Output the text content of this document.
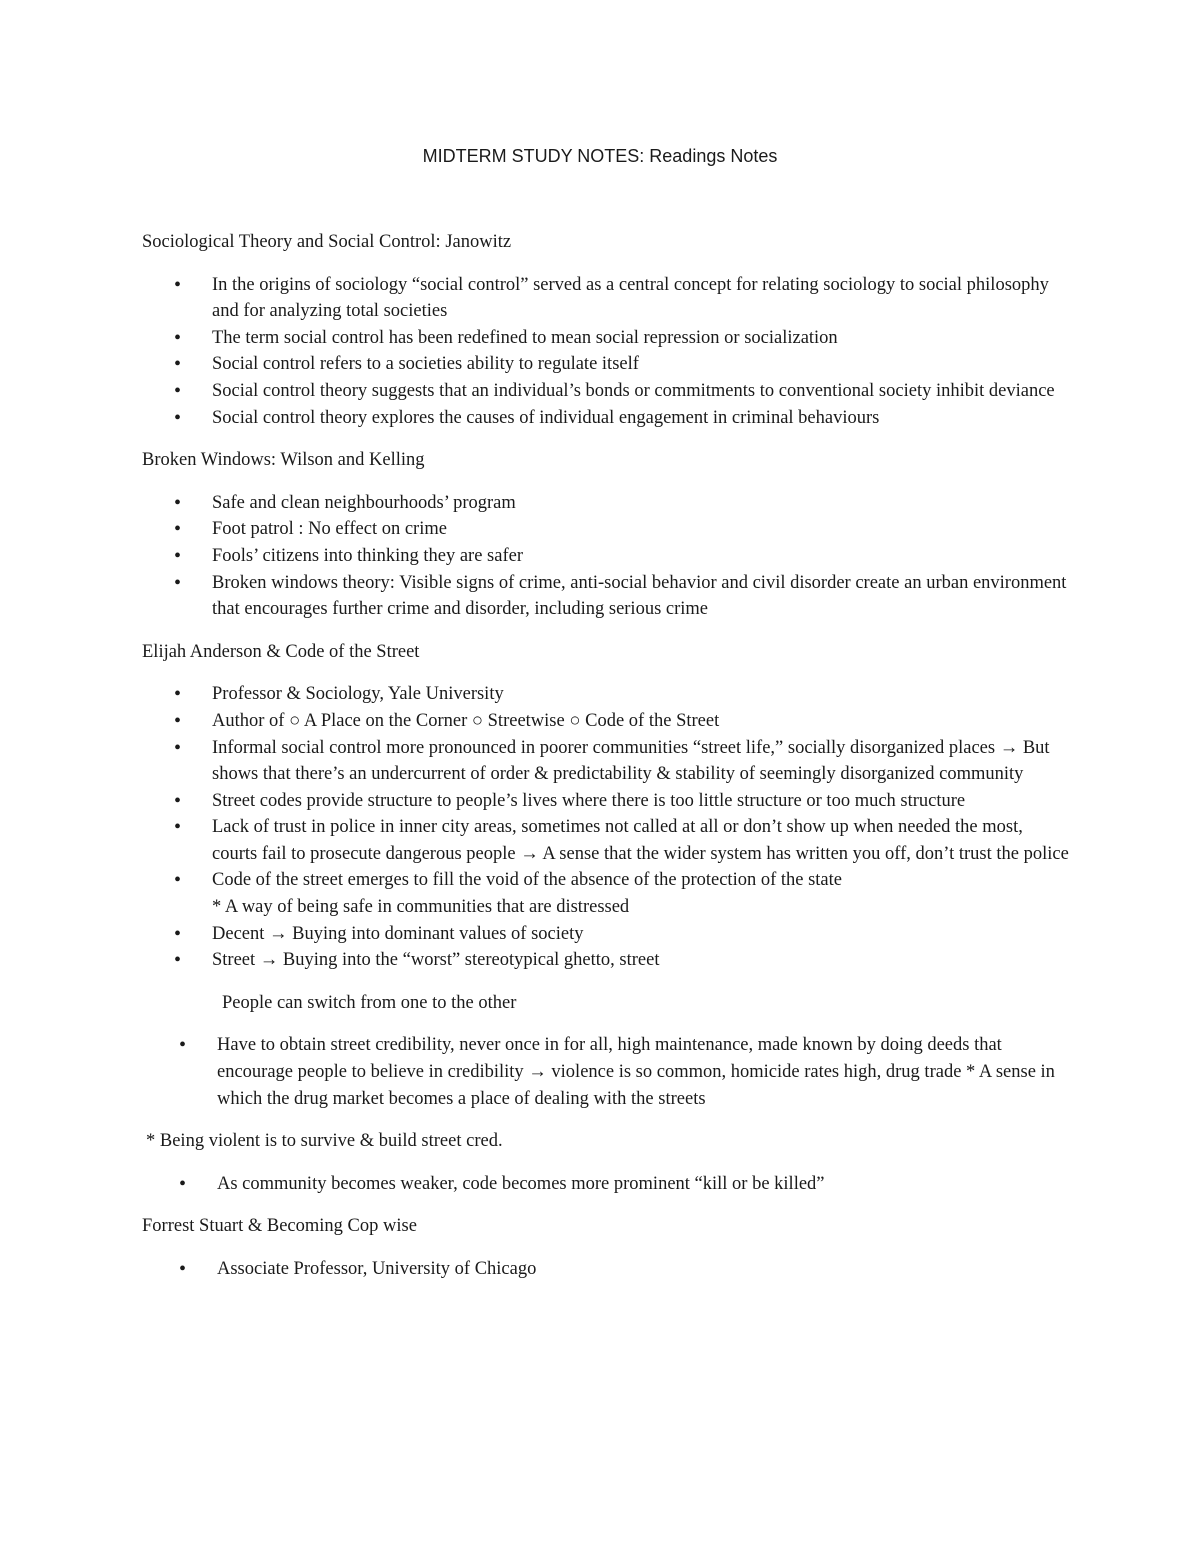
MIDTERM STUDY NOTES: Readings Notes
Sociological Theory and Social Control: Janowitz
• In the origins of sociology “social control” served as a central concept for relating sociology to social philosophy and for analyzing total societies
• The term social control has been redefined to mean social repression or socialization
• Social control refers to a societies ability to regulate itself
• Social control theory suggests that an individual’s bonds or commitments to conventional society inhibit deviance
• Social control theory explores the causes of individual engagement in criminal behaviours
Broken Windows: Wilson and Kelling
• Safe and clean neighbourhoods’ program
• Foot patrol : No effect on crime
• Fools’ citizens into thinking they are safer
• Broken windows theory: Visible signs of crime, anti-social behavior and civil disorder create an urban environment that encourages further crime and disorder, including serious crime
Elijah Anderson & Code of the Street
• Professor & Sociology, Yale University
• Author of ○ A Place on the Corner ○ Streetwise ○ Code of the Street
• Informal social control more pronounced in poorer communities “street life,” socially disorganized places → But shows that there’s an undercurrent of order & predictability & stability of seemingly disorganized community
• Street codes provide structure to people’s lives where there is too little structure or too much structure
• Lack of trust in police in inner city areas, sometimes not called at all or don’t show up when needed the most, courts fail to prosecute dangerous people → A sense that the wider system has written you off, don’t trust the police
• Code of the street emerges to fill the void of the absence of the protection of the state
* A way of being safe in communities that are distressed
• Decent → Buying into dominant values of society
• Street → Buying into the “worst” stereotypical ghetto, street
People can switch from one to the other
• Have to obtain street credibility, never once in for all, high maintenance, made known by doing deeds that encourage people to believe in credibility → violence is so common, homicide rates high, drug trade * A sense in which the drug market becomes a place of dealing with the streets
* Being violent is to survive & build street cred.
• As community becomes weaker, code becomes more prominent “kill or be killed”
Forrest Stuart & Becoming Cop wise
• Associate Professor, University of Chicago
